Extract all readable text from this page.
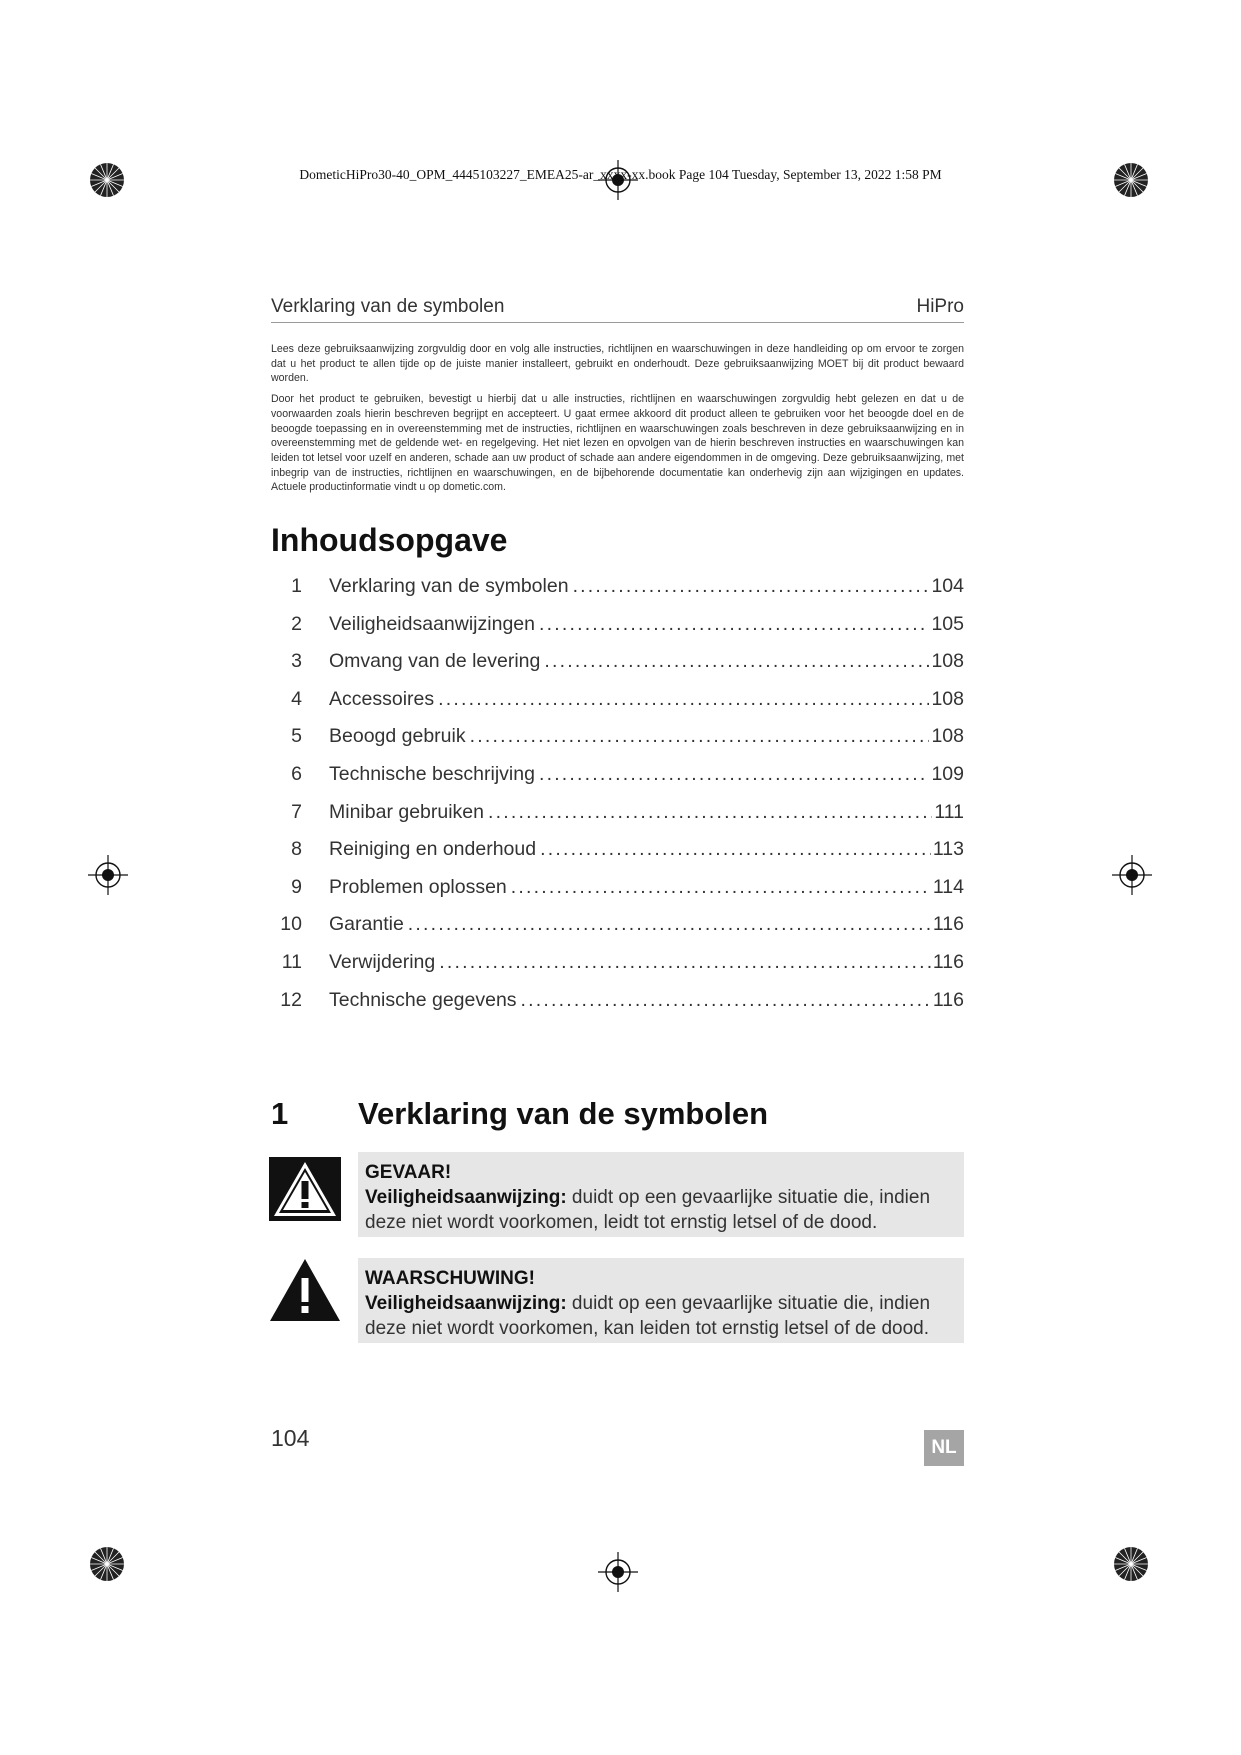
DometicHiPro30-40_OPM_4445103227_EMEA25-ar_xxxx-xx.book Page 104 Tuesday, September 13, 2022 1:58 PM
Verklaring van de symbolen	HiPro

Lees deze gebruiksaanwijzing zorgvuldig door en volg alle instructies, richtlijnen en waarschuwingen in deze handleiding op om ervoor te zorgen dat u het product te allen tijde op de juiste manier installeert, gebruikt en onderhoudt. Deze gebruiksaanwijzing MOET bij dit product bewaard worden.

Door het product te gebruiken, bevestigt u hierbij dat u alle instructies, richtlijnen en waarschuwingen zorgvuldig hebt gelezen en dat u de voorwaarden zoals hierin beschreven begrijpt en accepteert. U gaat ermee akkoord dit product alleen te gebruiken voor het beoogde doel en de beoogde toepassing en in overeenstemming met de instructies, richtlijnen en waarschuwingen zoals beschreven in deze gebruiksaanwijzing en in overeenstemming met de geldende wet- en regelgeving. Het niet lezen en opvolgen van de hierin beschreven instructies en waarschuwingen kan leiden tot letsel voor uzelf en anderen, schade aan uw product of schade aan andere eigendommen in de omgeving. Deze gebruiksaanwijzing, met inbegrip van de instructies, richtlijnen en waarschuwingen, en de bijbehorende documentatie kan onderhevig zijn aan wijzigingen en updates. Actuele productinformatie vindt u op dometic.com.

Inhoudsopgave
1 Verklaring van de symbolen .....	104
2 Veiligheidsaanwijzingen .....	105
3 Omvang van de levering .....	108
4 Accessoires .....	108
5 Beoogd gebruik .....	108
6 Technische beschrijving .....	109
7 Minibar gebruiken .....	111
8 Reiniging en onderhoud .....	113
9 Problemen oplossen .....	114
10 Garantie .....	116
11 Verwijdering .....	116
12 Technische gegevens .....	116
1 Verklaring van de symbolen
GEVAAR!
Veiligheidsaanwijzing: duidt op een gevaarlijke situatie die, indien deze niet wordt voorkomen, leidt tot ernstig letsel of de dood.
WAARSCHUWING!
Veiligheidsaanwijzing: duidt op een gevaarlijke situatie die, indien deze niet wordt voorkomen, kan leiden tot ernstig letsel of de dood.
104	NL
